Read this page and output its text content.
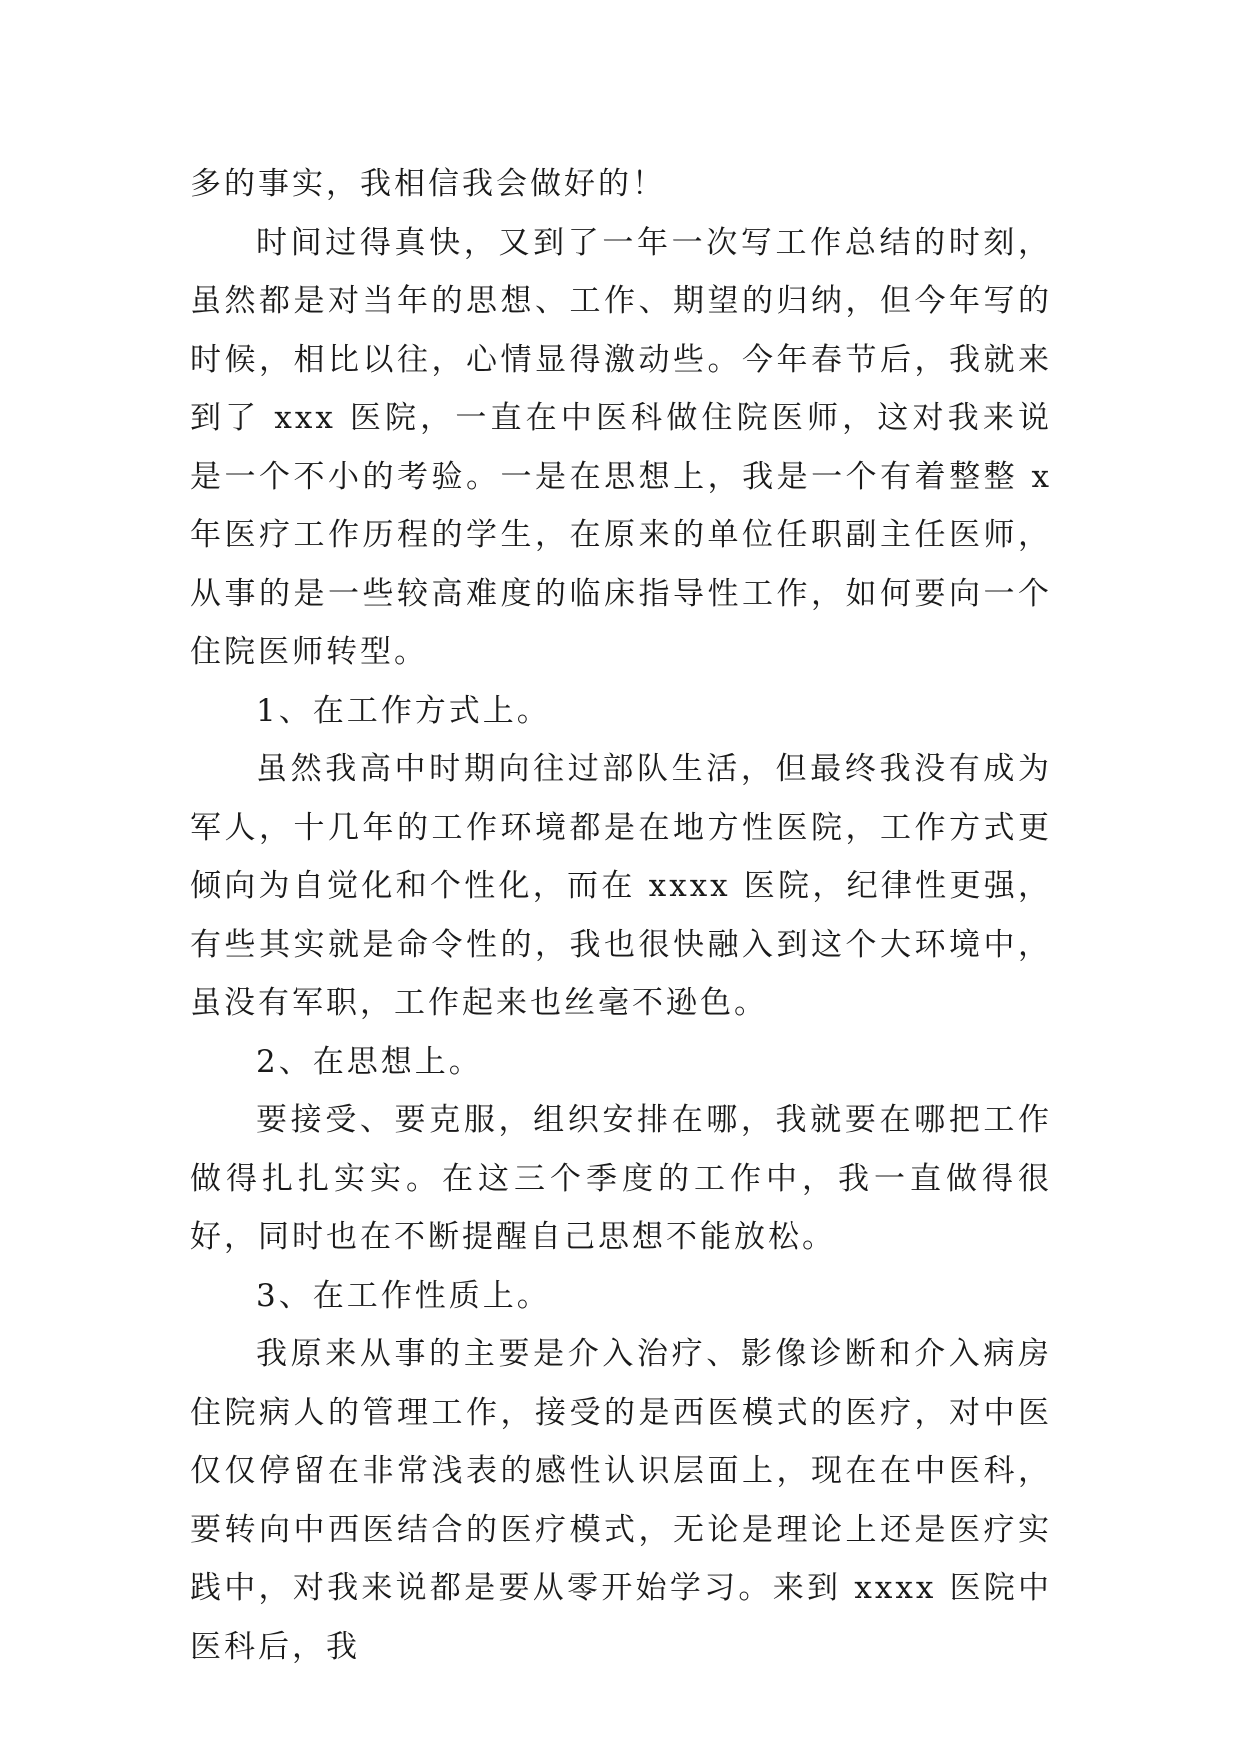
多的事实，我相信我会做好的！

时间过得真快，又到了一年一次写工作总结的时刻，虽然都是对当年的思想、工作、期望的归纳，但今年写的时候，相比以往，心情显得激动些。今年春节后，我就来到了 xxx 医院，一直在中医科做住院医师，这对我来说是一个不小的考验。一是在思想上，我是一个有着整整 x 年医疗工作历程的学生，在原来的单位任职副主任医师，从事的是一些较高难度的临床指导性工作，如何要向一个住院医师转型。

1、在工作方式上。

虽然我高中时期向往过部队生活，但最终我没有成为军人，十几年的工作环境都是在地方性医院，工作方式更倾向为自觉化和个性化，而在 xxxx 医院，纪律性更强，有些其实就是命令性的，我也很快融入到这个大环境中，虽没有军职，工作起来也丝毫不逊色。

2、在思想上。

要接受、要克服，组织安排在哪，我就要在哪把工作做得扎扎实实。在这三个季度的工作中，我一直做得很好，同时也在不断提醒自己思想不能放松。

3、在工作性质上。

我原来从事的主要是介入治疗、影像诊断和介入病房住院病人的管理工作，接受的是西医模式的医疗，对中医仅仅停留在非常浅表的感性认识层面上，现在在中医科，要转向中西医结合的医疗模式，无论是理论上还是医疗实践中，对我来说都是要从零开始学习。来到 xxxx 医院中医科后，我
